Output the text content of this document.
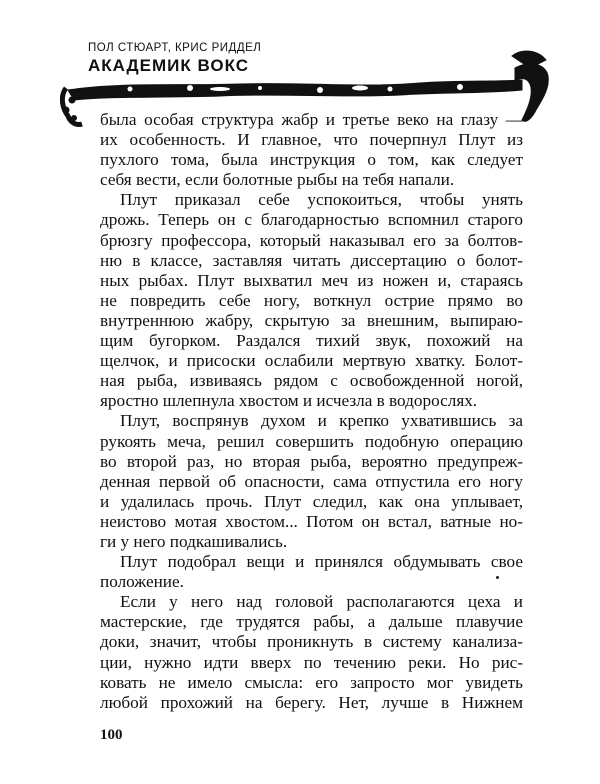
ПОЛ СТЮАРТ, КРИС РИДДЕЛ
АКАДЕМИК ВОКС
была особая структура жабр и третье веко на глазу —
их особенность. И главное, что почерпнул Плут из
пухлого тома, была инструкция о том, как следует
себя вести, если болотные рыбы на тебя напали.
Плут приказал себе успокоиться, чтобы унять
дрожь. Теперь он с благодарностью вспомнил старого
брюзгу профессора, который наказывал его за болтов-
ню в классе, заставляя читать диссертацию о болот-
ных рыбах. Плут выхватил меч из ножен и, стараясь
не повредить себе ногу, воткнул острие прямо во
внутреннюю жабру, скрытую за внешним, выпираю-
щим бугорком. Раздался тихий звук, похожий на
щелчок, и присоски ослабили мертвую хватку. Болот-
ная рыба, извиваясь рядом с освобожденной ногой,
яростно шлепнула хвостом и исчезла в водорослях.
Плут, воспрянув духом и крепко ухватившись за
рукоять меча, решил совершить подобную операцию
во второй раз, но вторая рыба, вероятно предупреж-
денная первой об опасности, сама отпустила его ногу
и удалилась прочь. Плут следил, как она уплывает,
неистово мотая хвостом... Потом он встал, ватные но-
ги у него подкашивались.
Плут подобрал вещи и принялся обдумывать свое
положение.
Если у него над головой располагаются цеха и
мастерские, где трудятся рабы, а дальше плавучие
доки, значит, чтобы проникнуть в систему канализа-
ции, нужно идти вверх по течению реки. Но рис-
ковать не имело смысла: его запросто мог увидеть
любой прохожий на берегу. Нет, лучше в Нижнем
100
